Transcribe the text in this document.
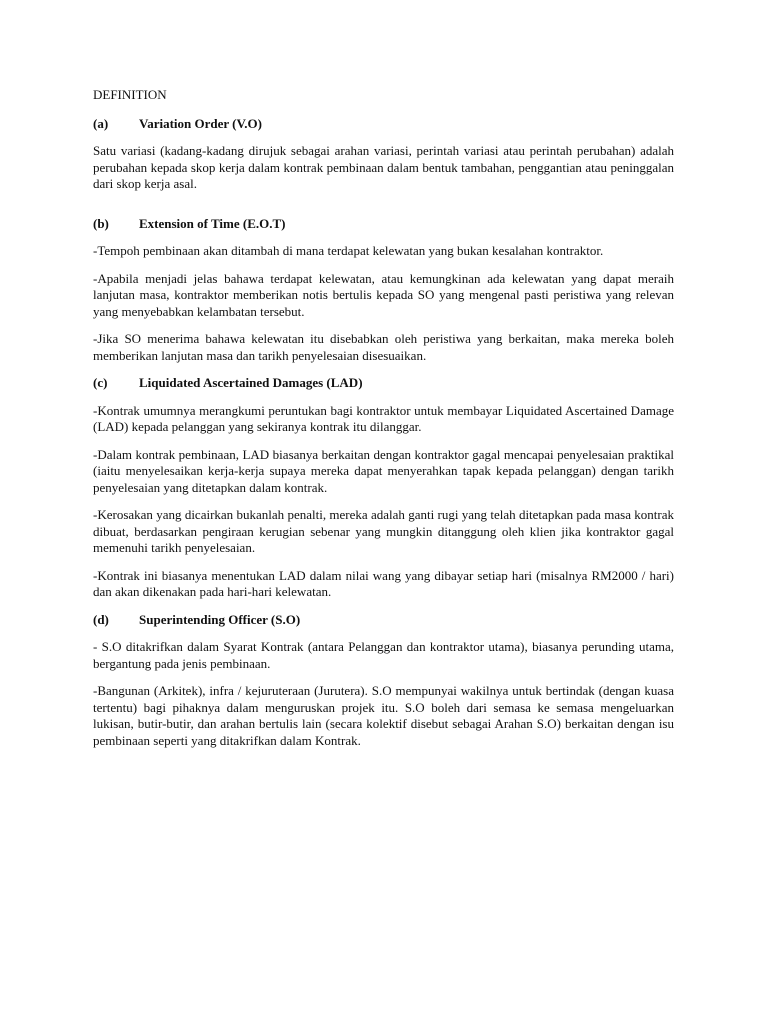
DEFINITION
(a)	Variation Order (V.O)

Satu variasi (kadang-kadang dirujuk sebagai arahan variasi, perintah variasi atau perintah perubahan) adalah perubahan kepada skop kerja dalam kontrak pembinaan dalam bentuk tambahan, penggantian atau peninggalan dari skop kerja asal.

(b)	Extension of Time (E.O.T)

-Tempoh pembinaan akan ditambah di mana terdapat kelewatan yang bukan kesalahan kontraktor.

-Apabila menjadi jelas bahawa terdapat kelewatan, atau kemungkinan ada kelewatan yang dapat meraih lanjutan masa, kontraktor memberikan notis bertulis kepada SO yang mengenal pasti peristiwa yang relevan yang menyebabkan kelambatan tersebut.

-Jika SO menerima bahawa kelewatan itu disebabkan oleh peristiwa yang berkaitan, maka mereka boleh memberikan lanjutan masa dan tarikh penyelesaian disesuaikan.

(c)	Liquidated Ascertained Damages (LAD)

-Kontrak umumnya merangkumi peruntukan bagi kontraktor untuk membayar Liquidated Ascertained Damage (LAD) kepada pelanggan yang sekiranya kontrak itu dilanggar.

-Dalam kontrak pembinaan, LAD biasanya berkaitan dengan kontraktor gagal mencapai penyelesaian praktikal (iaitu menyelesaikan kerja-kerja supaya mereka dapat menyerahkan tapak kepada pelanggan) dengan tarikh penyelesaian yang ditetapkan dalam kontrak.

-Kerosakan yang dicairkan bukanlah penalti, mereka adalah ganti rugi yang telah ditetapkan pada masa kontrak dibuat, berdasarkan pengiraan kerugian sebenar yang mungkin ditanggung oleh klien jika kontraktor gagal memenuhi tarikh penyelesaian.

-Kontrak ini biasanya menentukan LAD dalam nilai wang yang dibayar setiap hari (misalnya RM2000 / hari) dan akan dikenakan pada hari-hari kelewatan.

(d)	Superintending Officer (S.O)

- S.O ditakrifkan dalam Syarat Kontrak (antara Pelanggan dan kontraktor utama), biasanya perunding utama, bergantung pada jenis pembinaan.

-Bangunan (Arkitek), infra / kejuruteraan (Jurutera). S.O mempunyai wakilnya untuk bertindak (dengan kuasa tertentu) bagi pihaknya dalam menguruskan projek itu. S.O boleh dari semasa ke semasa mengeluarkan lukisan, butir-butir, dan arahan bertulis lain (secara kolektif disebut sebagai Arahan S.O) berkaitan dengan isu pembinaan seperti yang ditakrifkan dalam Kontrak.
